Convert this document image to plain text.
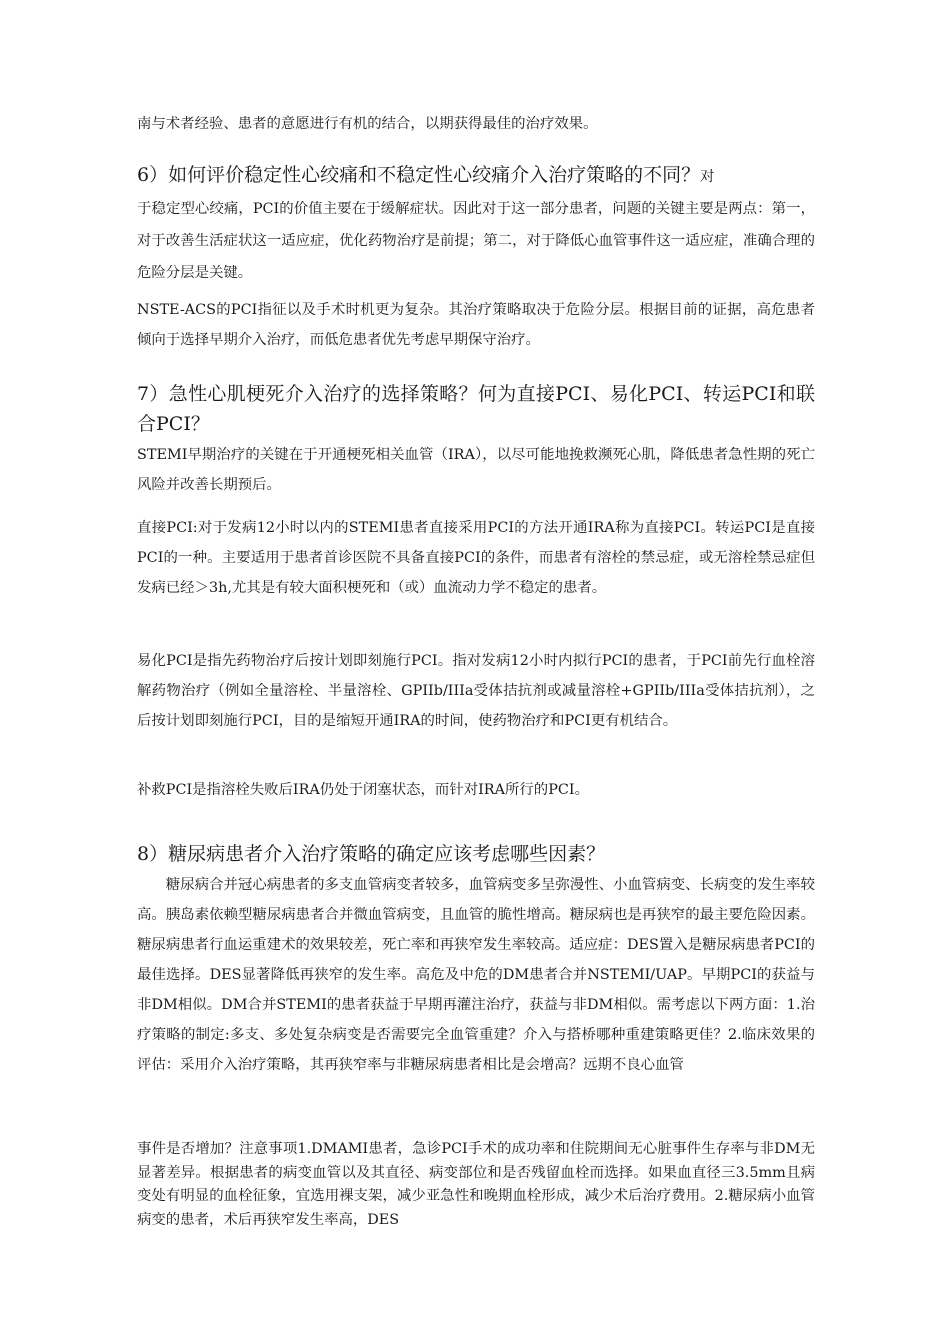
南与术者经验、患者的意愿进行有机的结合，以期获得最佳的治疗效果。

6）如何评价稳定性心绞痛和不稳定性心绞痛介入治疗策略的不同？对
于稳定型心绞痛，PCI的价值主要在于缓解症状。因此对于这一部分患者，问题的关键主要是两点：第一，对于改善生活症状这一适应症，优化药物治疗是前提；第二，对于降低心血管事件这一适应症，准确合理的危险分层是关键。

NSTE-ACS的PCI指征以及手术时机更为复杂。其治疗策略取决于危险分层。根据目前的证据，高危患者倾向于选择早期介入治疗，而低危患者优先考虑早期保守治疗。

7）急性心肌梗死介入治疗的选择策略？何为直接PCI、易化PCI、转运PCI和联合PCI？

STEMI早期治疗的关键在于开通梗死相关血管（IRA），以尽可能地挽救濒死心肌，降低患者急性期的死亡风险并改善长期预后。

直接PCI:对于发病12小时以内的STEMI患者直接采用PCI的方法开通IRA称为直接PCI。转运PCI是直接PCI的一种。主要适用于患者首诊医院不具备直接PCI的条件，而患者有溶栓的禁忌症，或无溶栓禁忌症但发病已经＞3h,尤其是有较大面积梗死和（或）血流动力学不稳定的患者。

易化PCI是指先药物治疗后按计划即刻施行PCI。指对发病12小时内拟行PCI的患者，于PCI前先行血栓溶解药物治疗（例如全量溶栓、半量溶栓、GPIIb/IIIa受体拮抗剂或减量溶栓+GPIIb/IIIa受体拮抗剂），之后按计划即刻施行PCI，目的是缩短开通IRA的时间，使药物治疗和PCI更有机结合。

补救PCI是指溶栓失败后IRA仍处于闭塞状态，而针对IRA所行的PCI。

8）糖尿病患者介入治疗策略的确定应该考虑哪些因素？

糖尿病合并冠心病患者的多支血管病变者较多，血管病变多呈弥漫性、小血管病变、长病变的发生率较高。胰岛素依赖型糖尿病患者合并微血管病变，且血管的脆性增高。糖尿病也是再狭窄的最主要危险因素。糖尿病患者行血运重建术的效果较差，死亡率和再狭窄发生率较高。适应症：DES置入是糖尿病患者PCI的最佳选择。DES显著降低再狭窄的发生率。高危及中危的DM患者合并NSTEMI/UAP。早期PCI的获益与非DM相似。DM合并STEMI的患者获益于早期再灌注治疗，获益与非DM相似。需考虑以下两方面：1.治疗策略的制定:多支、多处复杂病变是否需要完全血管重建？介入与搭桥哪种重建策略更佳？2.临床效果的评估：采用介入治疗策略，其再狭窄率与非糖尿病患者相比是会增高？远期不良心血管

事件是否增加？注意事项1.DMAMI患者，急诊PCI手术的成功率和住院期间无心脏事件生存率与非DM无显著差异。根据患者的病变血管以及其直径、病变部位和是否残留血栓而选择。如果血直径三3.5mm且病变处有明显的血栓征象，宜选用裸支架，减少亚急性和晚期血栓形成，减少术后治疗费用。2.糖尿病小血管病变的患者，术后再狭窄发生率高，DES
